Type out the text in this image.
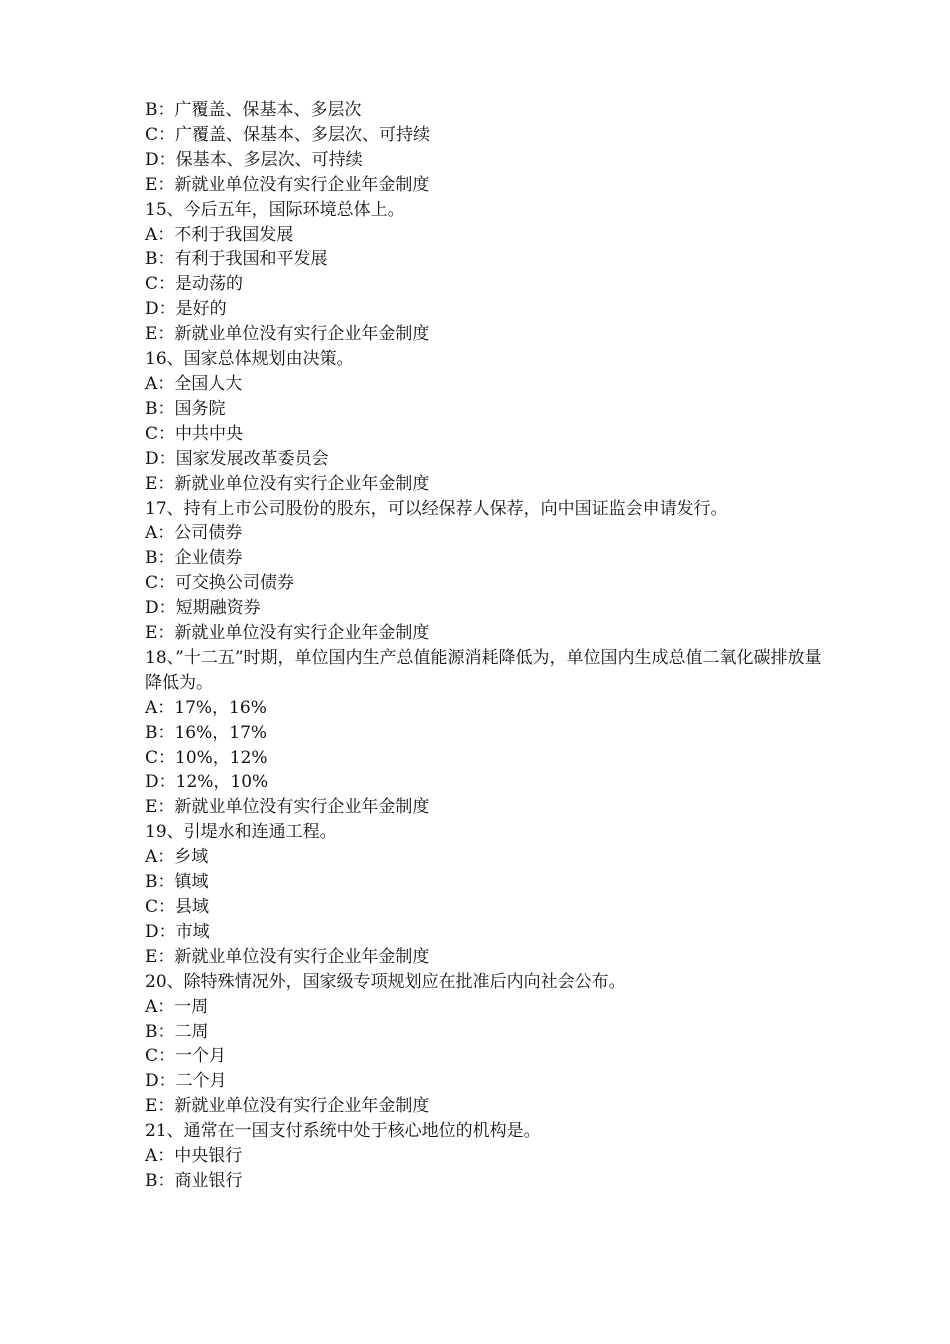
B：广覆盖、保基本、多层次

C：广覆盖、保基本、多层次、可持续

D：保基本、多层次、可持续

E：新就业单位没有实行企业年金制度

15、今后五年，国际环境总体上。

A：不利于我国发展

B：有利于我国和平发展

C：是动荡的

D：是好的

E：新就业单位没有实行企业年金制度

16、国家总体规划由决策。

A：全国人大

B：国务院

C：中共中央

D：国家发展改革委员会

E：新就业单位没有实行企业年金制度

17、持有上市公司股份的股东，可以经保荐人保荐，向中国证监会申请发行。

A：公司债券

B：企业债券

C：可交换公司债券

D：短期融资券

E：新就业单位没有实行企业年金制度

18、”十二五”时期，单位国内生产总值能源消耗降低为，单位国内生成总值二氧化碳排放量降低为。

A：17%，16%

B：16%，17%

C：10%，12%

D：12%，10%

E：新就业单位没有实行企业年金制度

19、引堤水和连通工程。

A：乡域

B：镇域

C：县域

D：市域

E：新就业单位没有实行企业年金制度

20、除特殊情况外，国家级专项规划应在批准后内向社会公布。

A：一周

B：二周

C：一个月

D：二个月

E：新就业单位没有实行企业年金制度

21、通常在一国支付系统中处于核心地位的机构是。

A：中央银行

B：商业银行
